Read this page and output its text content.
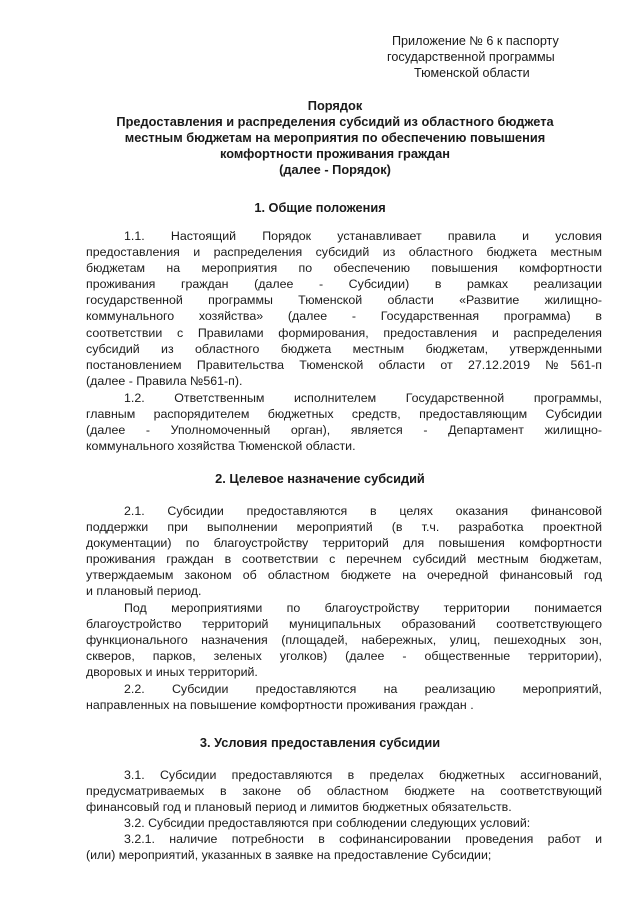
Приложение № 6 к паспорту
государственной программы
Тюменской области
Порядок
Предоставления и распределения субсидий из областного бюджета
местным бюджетам на мероприятия по обеспечению повышения
комфортности проживания граждан
(далее - Порядок)
1. Общие положения
1.1. Настоящий Порядок устанавливает правила и условия
предоставления и распределения субсидий из областного бюджета местным
бюджетам на мероприятия по обеспечению повышения комфортности
проживания граждан (далее - Субсидии) в рамках реализации
государственной программы Тюменской области «Развитие жилищно-
коммунального хозяйства» (далее - Государственная программа) в
соответствии с Правилами формирования, предоставления и распределения
субсидий из областного бюджета местным бюджетам, утвержденными
постановлением Правительства Тюменской области от 27.12.2019 №561-п
(далее - Правила №561-п).
1.2. Ответственным исполнителем Государственной программы,
главным распорядителем бюджетных средств, предоставляющим Субсидии
(далее - Уполномоченный орган), является - Департамент жилищно-
коммунального хозяйства Тюменской области.
2. Целевое назначение субсидий
2.1. Субсидии предоставляются в целях оказания финансовой
поддержки при выполнении мероприятий (в т.ч. разработка проектной
документации) по благоустройству территорий для повышения комфортности
проживания граждан в соответствии с перечнем субсидий местным бюджетам,
утверждаемым законом об областном бюджете на очередной финансовый год
и плановый период.
Под мероприятиями по благоустройству территории понимается
благоустройство территорий муниципальных образований соответствующего
функционального назначения (площадей, набережных, улиц, пешеходных зон,
скверов, парков, зеленых уголков) (далее - общественные территории),
дворовых и иных территорий.
2.2. Субсидии предоставляются на реализацию мероприятий,
направленных на повышение комфортности проживания граждан .
3. Условия предоставления субсидии
3.1. Субсидии предоставляются в пределах бюджетных ассигнований,
предусматриваемых в законе об областном бюджете на соответствующий
финансовый год и плановый период и лимитов бюджетных обязательств.
3.2. Субсидии предоставляются при соблюдении следующих условий:
3.2.1. наличие потребности в софинансировании проведения работ и
(или) мероприятий, указанных в заявке на предоставление Субсидии;
